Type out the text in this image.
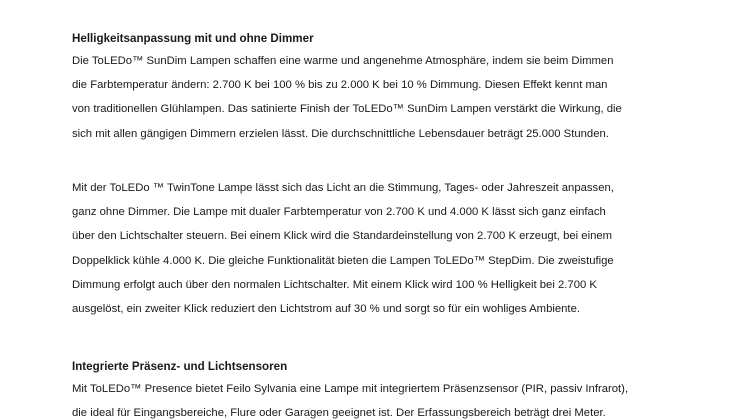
Helligkeitsanpassung mit und ohne Dimmer

Die ToLEDo™ SunDim Lampen schaffen eine warme und angenehme Atmosphäre, indem sie beim Dimmen
die Farbtemperatur ändern: 2.700 K bei 100 % bis zu 2.000 K bei 10 % Dimmung. Diesen Effekt kennt man
von traditionellen Glühlampen. Das satinierte Finish der ToLEDo™ SunDim Lampen verstärkt die Wirkung, die
sich mit allen gängigen Dimmern erzielen lässt. Die durchschnittliche Lebensdauer beträgt 25.000 Stunden.

Mit der ToLEDo ™ TwinTone Lampe lässt sich das Licht an die Stimmung, Tages- oder Jahreszeit anpassen,
ganz ohne Dimmer. Die Lampe mit dualer Farbtemperatur von 2.700 K und 4.000 K lässt sich ganz einfach
über den Lichtschalter steuern. Bei einem Klick wird die Standardeinstellung von 2.700 K erzeugt, bei einem
Doppelklick kühle 4.000 K. Die gleiche Funktionalität bieten die Lampen ToLEDo™ StepDim. Die zweistufige
Dimmung erfolgt auch über den normalen Lichtschalter. Mit einem Klick wird 100 % Helligkeit bei 2.700 K
ausgelöst, ein zweiter Klick reduziert den Lichtstrom auf 30 % und sorgt so für ein wohliges Ambiente.

Integrierte Präsenz- und Lichtsensoren

Mit ToLEDo™ Presence bietet Feilo Sylvania eine Lampe mit integriertem Präsenzsensor (PIR, passiv Infrarot),
die ideal für Eingangsbereiche, Flure oder Garagen geeignet ist. Der Erfassungsbereich beträgt drei Meter.
